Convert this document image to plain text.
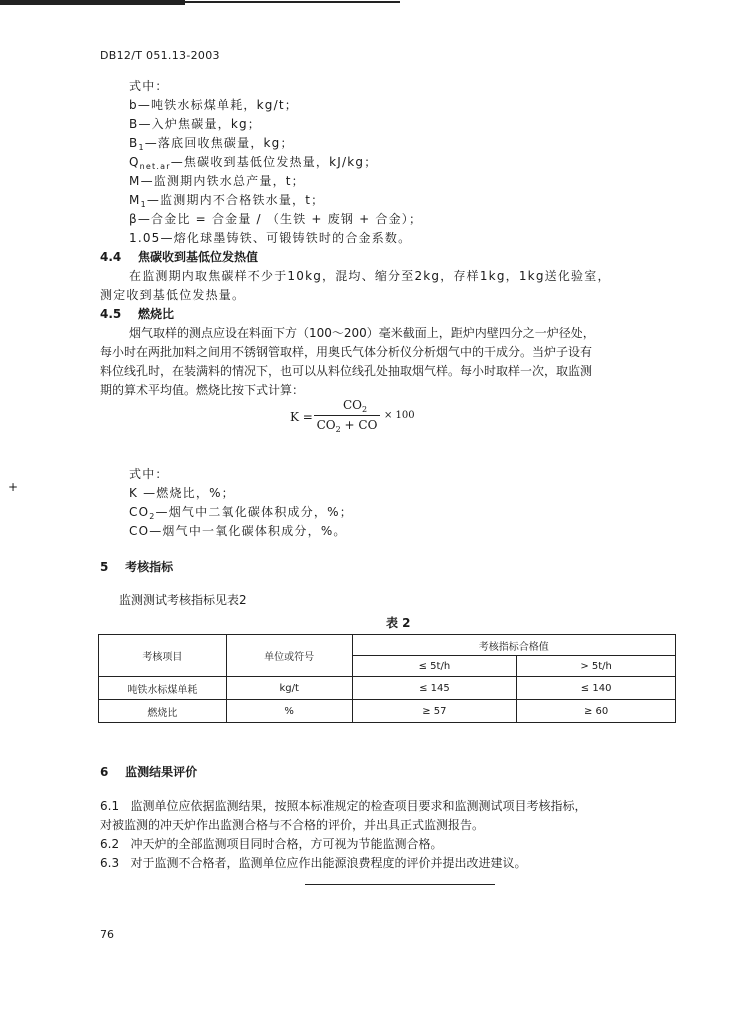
DB12/T 051.13-2003
式中：
b—吨铁水标煤单耗，kg/t；
B—入炉焦碳量，kg；
$B_1—$落底回收焦碳量，kg；
$Q_{net.ar}—$焦碳收到基低位发热量，kJ/kg；
M—监测期内铁水总产量，t；
$M_1—$监测期内不合格铁水量，t；
β—合金比 = 合金量 / （生铁 + 废钢 + 合金）；
1.05—熔化球墨铸铁、可锻铸铁时的合金系数。
4.4 焦碳收到基低位发热值
在监测期内取焦碳样不少于10kg，混均、缩分至2kg，存样1kg，1kg送化验室，
测定收到基低位发热量。
4.5 燃烧比
烟气取样的测点应设在料面下方（100～200）毫米截面上，距炉内壁四分之一炉径处，
每小时在两批加料之间用不锈钢管取样，用奥氏气体分析仪分析烟气中的干成分。当炉子设有
料位线孔时，在装满料的情况下，也可以从料位线孔处抽取烟气样。每小时取样一次，取监测
期的算术平均值。燃烧比按下式计算：
K =
$CO_2$
$CO_2$ + CO
× 100
+
式中：
K —燃烧比，%；
$CO_2—$烟气中二氧化碳体积成分，%；
CO—烟气中一氧化碳体积成分，%。
5 考核指标
监测测试考核指标见表2
表 2
考核项目	单位或符号	考核指标合格值	
		≤ 5t/h	> 5t/h
吨铁水标煤单耗	kg/t	≤ 145	≤ 140
燃烧比	%	≥ 57	≥ 60
6 监测结果评价
6.1 监测单位应依据监测结果，按照本标准规定的检查项目要求和监测测试项目考核指标，
对被监测的冲天炉作出监测合格与不合格的评价，并出具正式监测报告。
6.2 冲天炉的全部监测项目同时合格，方可视为节能监测合格。
6.3 对于监测不合格者，监测单位应作出能源浪费程度的评价并提出改进建议。
76
